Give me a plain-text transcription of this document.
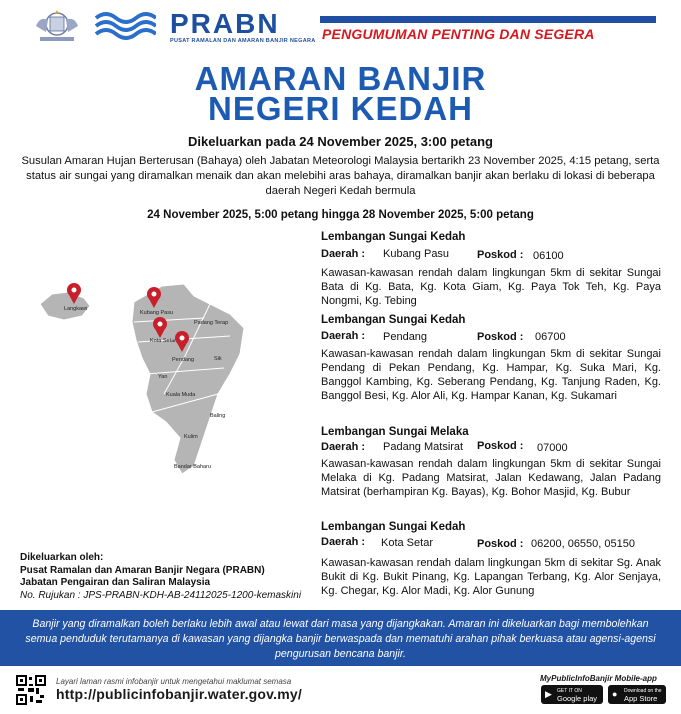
PRABN
PUSAT RAMALAN DAN AMARAN BANJIR NEGARA PENGUMUMAN PENTING DAN SEGERA
AMARAN BANJIR
NEGERI KEDAH
Dikeluarkan pada 24 November 2025, 3:00 petang
Susulan Amaran Hujan Berterusan (Bahaya) oleh Jabatan Meteorologi Malaysia bertarikh 23 November 2025, 4:15 petang, serta status air sungai yang diramalkan menaik dan akan melebihi aras bahaya, diramalkan banjir akan berlaku di lokasi di beberapa daerah Negeri Kedah bermula
24 November 2025, 5:00 petang hingga 28 November 2025, 5:00 petang
Langkawi
Kubang Pasu
Padang Terap
Kota Setar
Pendang	Sik
Yan
Kuala Muda
Baling
Kulim
Bandar Baharu
Lembangan Sungai Kedah
Daerah : Kubang Pasu	Poskod : 06100
Kawasan-kawasan rendah dalam lingkungan 5km di sekitar Sungai Bata di Kg. Bata, Kg. Kota Giam, Kg. Paya Tok Teh, Kg. Paya Nongmi, Kg. Tebing
Lembangan Sungai Kedah
Daerah : Pendang	Poskod : 06700
Kawasan-kawasan rendah dalam lingkungan 5km di sekitar Sungai Pendang di Pekan Pendang, Kg. Hampar, Kg. Suka Mari, Kg. Banggol Kambing, Kg. Seberang Pendang, Kg. Tanjung Raden, Kg. Banggol Besi, Kg. Alor Ali, Kg. Hampar Kanan, Kg. Sukamari
Lembangan Sungai Melaka
Daerah : Padang Matsirat Poskod : 07000
Kawasan-kawasan rendah dalam lingkungan 5km di sekitar Sungai Melaka di Kg. Padang Matsirat, Jalan Kedawang, Jalan Padang Matsirat (berhampiran Kg. Bayas), Kg. Bohor Masjid, Kg. Bubur
Lembangan Sungai Kedah
Daerah : Kota Setar	Poskod : 06200, 06550, 05150
Kawasan-kawasan rendah dalam lingkungan 5km di sekitar Sg. Anak Bukit di Kg. Bukit Pinang, Kg. Lapangan Terbang, Kg. Alor Senjaya, Kg. Chegar, Kg. Alor Madi, Kg. Alor Gunung
Dikeluarkan oleh:
Pusat Ramalan dan Amaran Banjir Negara (PRABN)
Jabatan Pengairan dan Saliran Malaysia
No. Rujukan : JPS-PRABN-KDH-AB-24112025-1200-kemaskini
Banjir yang diramalkan boleh berlaku lebih awal atau lewat dari masa yang dijangkakan. Amaran ini dikeluarkan bagi membolehkan semua penduduk terutamanya di kawasan yang dijangka banjir berwaspada dan mematuhi arahan pihak berkuasa atau agensi-agensi pengurusan bencana banjir.
Layari laman rasmi infobanjir untuk mengetahui maklumat semasa
http://publicinfobanjir.water.gov.my/
MyPublicInfoBanjir Mobile-app
▶ GET IT ON
Google play	● Download on the
App Store
